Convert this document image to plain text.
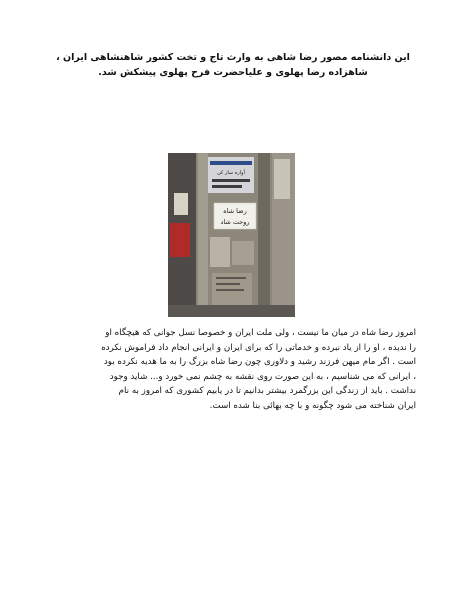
این دانشنامه مصور رضا شاهی به وارث تاج و تخت کشور شاهنشاهی ایران ،
شاهزاده رضا پهلوی و علیاحضرت فرح پهلوی پیشکش شد.
آواره ساز کن
رضا شاه
روحت شاد
امروز رضا شاه در میان ما نیست ، ولی ملت ایران و خصوصا نسل جوانی که هیچگاه او
را ندیده ، او را از یاد نبرده و خدماتی را که برای ایران و ایرانی انجام داد فراموش نکرده
است . اگر مام میهن فرزند رشید و دلاوری چون رضا شاه بزرگ را به ما هدیه نکرده بود
، ایرانی که می شناسیم ، به این صورت روی نقشه به چشم نمی خورد و... شاید وجود
نداشت . باید از زندگی این بزرگمرد بیشتر بدانیم تا در یابیم کشوری که امروز به نام
ایران شناخته می شود چگونه و با چه بهائی بنا شده است.
